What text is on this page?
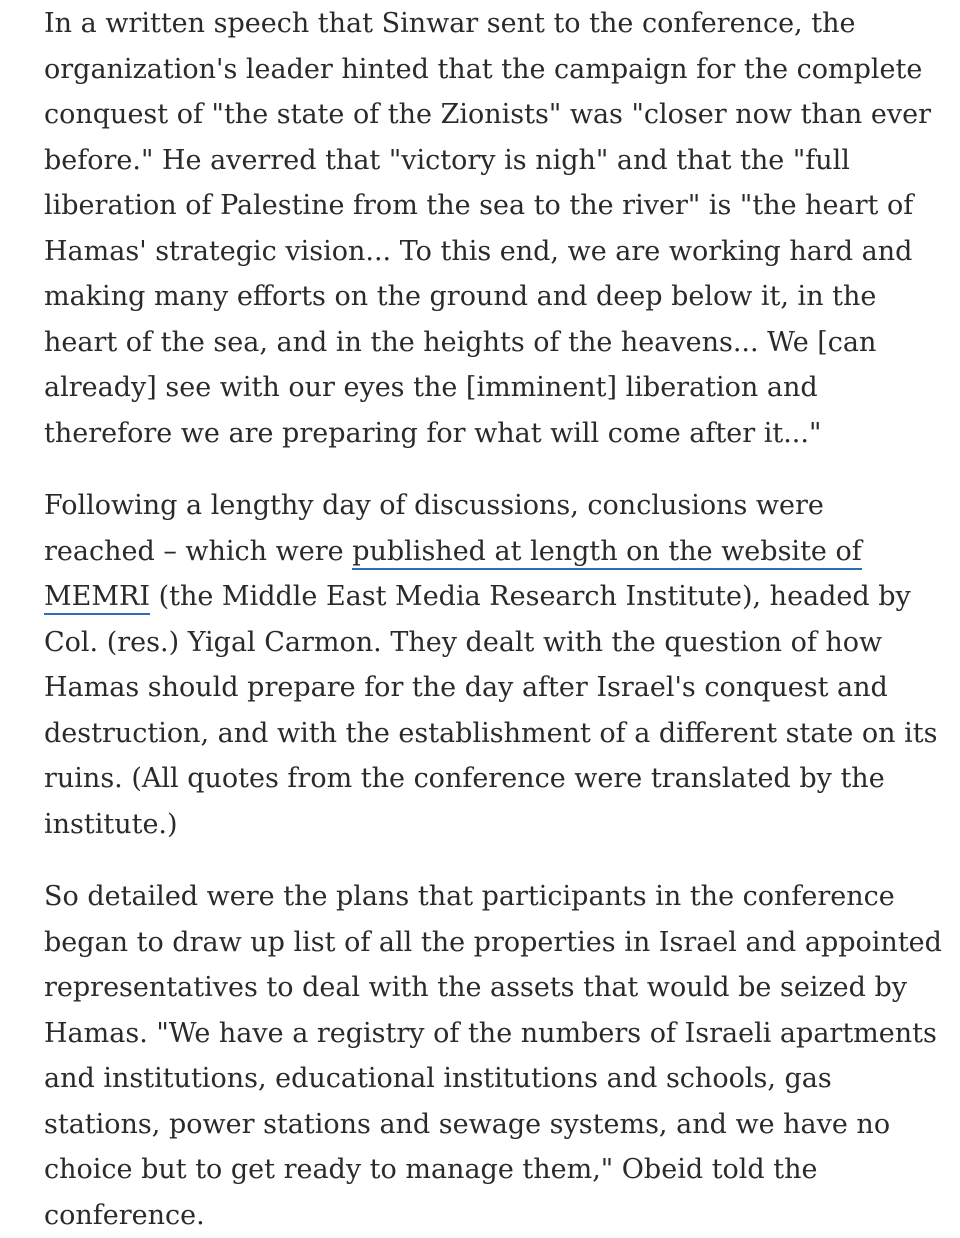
In a written speech that Sinwar sent to the conference, the organization's leader hinted that the campaign for the complete conquest of "the state of the Zionists" was "closer now than ever before." He averred that "victory is nigh" and that the "full liberation of Palestine from the sea to the river" is "the heart of Hamas' strategic vision... To this end, we are working hard and making many efforts on the ground and deep below it, in the heart of the sea, and in the heights of the heavens... We [can already] see with our eyes the [imminent] liberation and therefore we are preparing for what will come after it..."

Following a lengthy day of discussions, conclusions were reached – which were published at length on the website of MEMRI (the Middle East Media Research Institute), headed by Col. (res.) Yigal Carmon. They dealt with the question of how Hamas should prepare for the day after Israel's conquest and destruction, and with the establishment of a different state on its ruins. (All quotes from the conference were translated by the institute.)

So detailed were the plans that participants in the conference began to draw up list of all the properties in Israel and appointed representatives to deal with the assets that would be seized by Hamas. "We have a registry of the numbers of Israeli apartments and institutions, educational institutions and schools, gas stations, power stations and sewage systems, and we have no choice but to get ready to manage them," Obeid told the conference.
